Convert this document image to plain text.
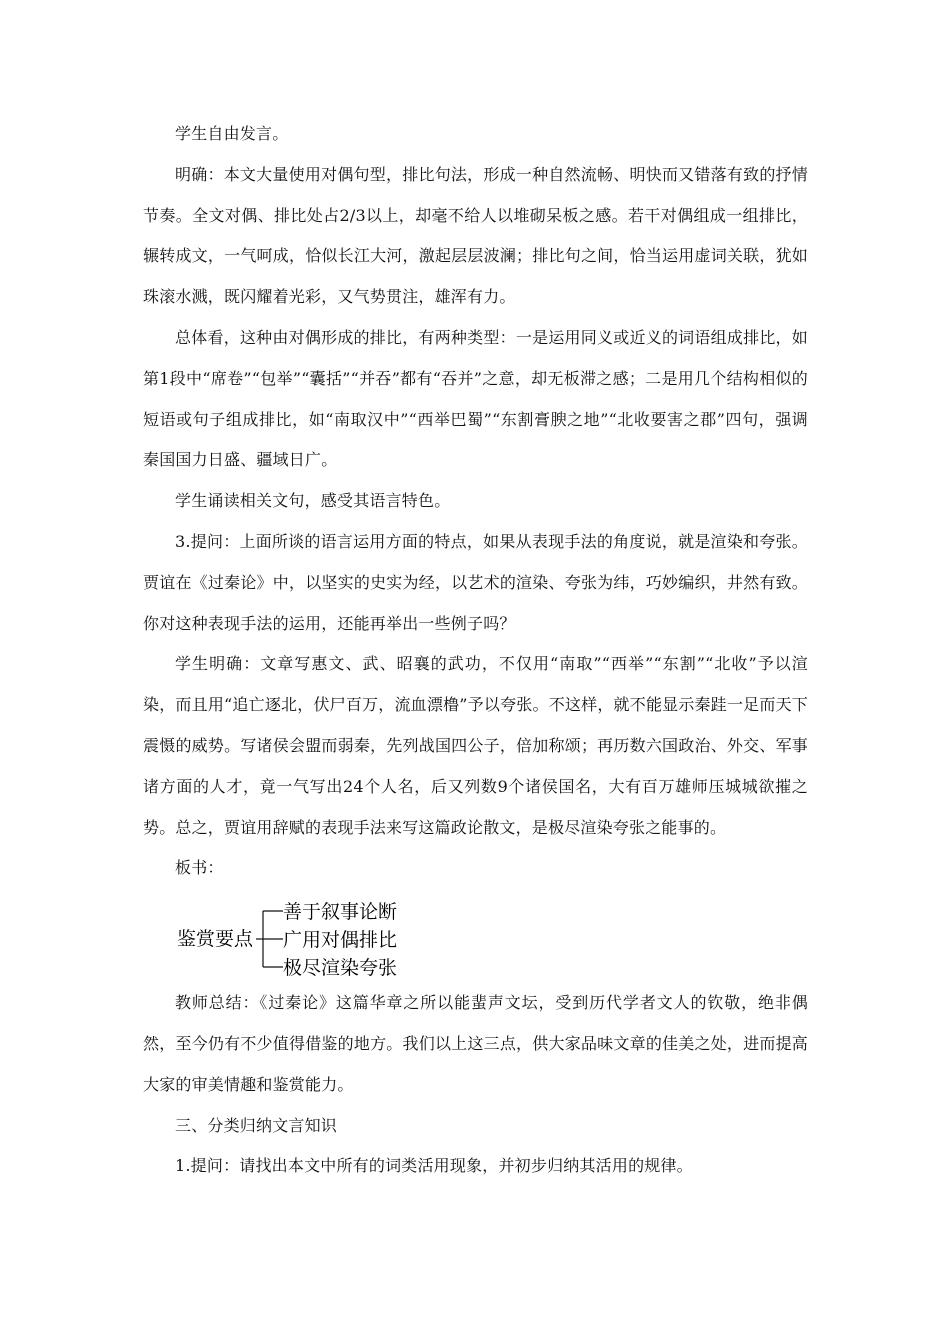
学生自由发言。

明确：本文大量使用对偶句型，排比句法，形成一种自然流畅、明快而又错落有致的抒情节奏。全文对偶、排比处占2/3以上，却毫不给人以堆砌呆板之感。若干对偶组成一组排比，辗转成文，一气呵成，恰似长江大河，激起层层波澜；排比句之间，恰当运用虚词关联，犹如珠滚水溅，既闪耀着光彩，又气势贯注，雄浑有力。

总体看，这种由对偶形成的排比，有两种类型：一是运用同义或近义的词语组成排比，如第1段中“席卷”“包举”“囊括”“并吞”都有“吞并”之意，却无板滞之感；二是用几个结构相似的短语或句子组成排比，如“南取汉中”“西举巴蜀”“东割膏腴之地”“北收要害之郡”四句，强调秦国国力日盛、疆域日广。

学生诵读相关文句，感受其语言特色。

3.提问：上面所谈的语言运用方面的特点，如果从表现手法的角度说，就是渲染和夸张。贾谊在《过秦论》中，以坚实的史实为经，以艺术的渲染、夸张为纬，巧妙编织，井然有致。你对这种表现手法的运用，还能再举出一些例子吗？

学生明确：文章写惠文、武、昭襄的武功，不仅用“南取”“西举”“东割”“北收”予以渲染，而且用“追亡逐北，伏尸百万，流血漂橹”予以夸张。不这样，就不能显示秦跬一足而天下震慑的威势。写诸侯会盟而弱秦，先列战国四公子，倍加称颂；再历数六国政治、外交、军事诸方面的人才，竟一气写出24个人名，后又列数9个诸侯国名，大有百万雄师压城城欲摧之势。总之，贾谊用辞赋的表现手法来写这篇政论散文，是极尽渲染夸张之能事的。

板书：

鉴赏要点
善于叙事论断
广用对偶排比
极尽渲染夸张

教师总结：《过秦论》这篇华章之所以能蜚声文坛，受到历代学者文人的钦敬，绝非偶然，至今仍有不少值得借鉴的地方。我们以上这三点，供大家品味文章的佳美之处，进而提高大家的审美情趣和鉴赏能力。

三、分类归纳文言知识

1.提问：请找出本文中所有的词类活用现象，并初步归纳其活用的规律。
